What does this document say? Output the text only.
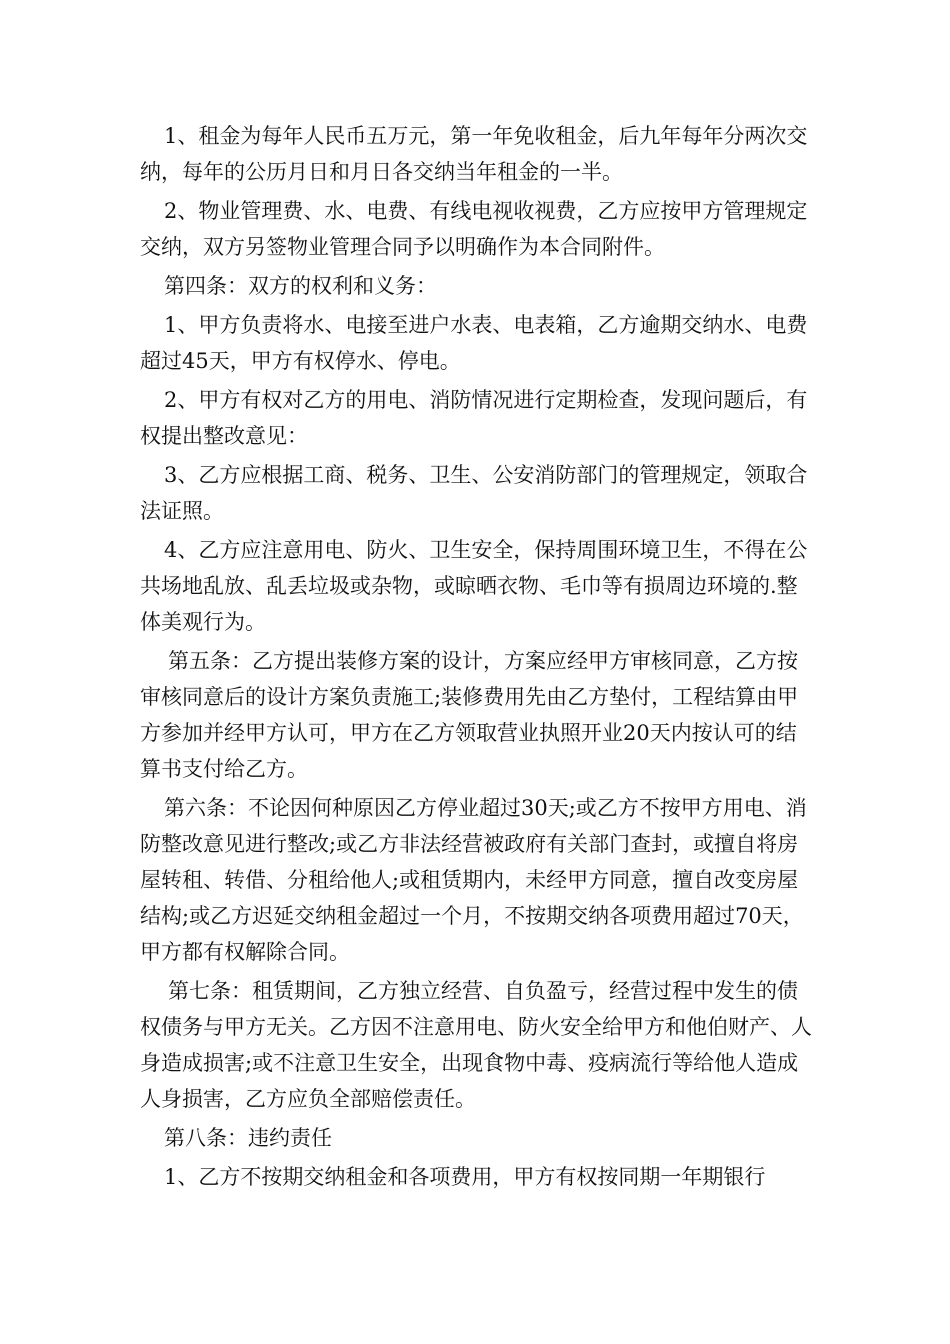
1、租金为每年人民币五万元，第一年免收租金，后九年每年分两次交纳，每年的公历月日和月日各交纳当年租金的一半。

2、物业管理费、水、电费、有线电视收视费，乙方应按甲方管理规定交纳，双方另签物业管理合同予以明确作为本合同附件。

第四条：双方的权利和义务：

1、甲方负责将水、电接至进户水表、电表箱，乙方逾期交纳水、电费超过45天，甲方有权停水、停电。

2、甲方有权对乙方的用电、消防情况进行定期检查，发现问题后，有权提出整改意见：

3、乙方应根据工商、税务、卫生、公安消防部门的管理规定，领取合法证照。

4、乙方应注意用电、防火、卫生安全，保持周围环境卫生，不得在公共场地乱放、乱丢垃圾或杂物，或晾晒衣物、毛巾等有损周边环境的.整体美观行为。

第五条：乙方提出装修方案的设计，方案应经甲方审核同意，乙方按审核同意后的设计方案负责施工;装修费用先由乙方垫付，工程结算由甲方参加并经甲方认可，甲方在乙方领取营业执照开业20天内按认可的结算书支付给乙方。

第六条：不论因何种原因乙方停业超过30天;或乙方不按甲方用电、消防整改意见进行整改;或乙方非法经营被政府有关部门查封，或擅自将房屋转租、转借、分租给他人;或租赁期内，未经甲方同意，擅自改变房屋结构;或乙方迟延交纳租金超过一个月，不按期交纳各项费用超过70天，甲方都有权解除合同。

第七条：租赁期间，乙方独立经营、自负盈亏，经营过程中发生的债权债务与甲方无关。乙方因不注意用电、防火安全给甲方和他伯财产、人身造成损害;或不注意卫生安全，出现食物中毒、疫病流行等给他人造成人身损害，乙方应负全部赔偿责任。

第八条：违约责任

1、乙方不按期交纳租金和各项费用，甲方有权按同期一年期银行
